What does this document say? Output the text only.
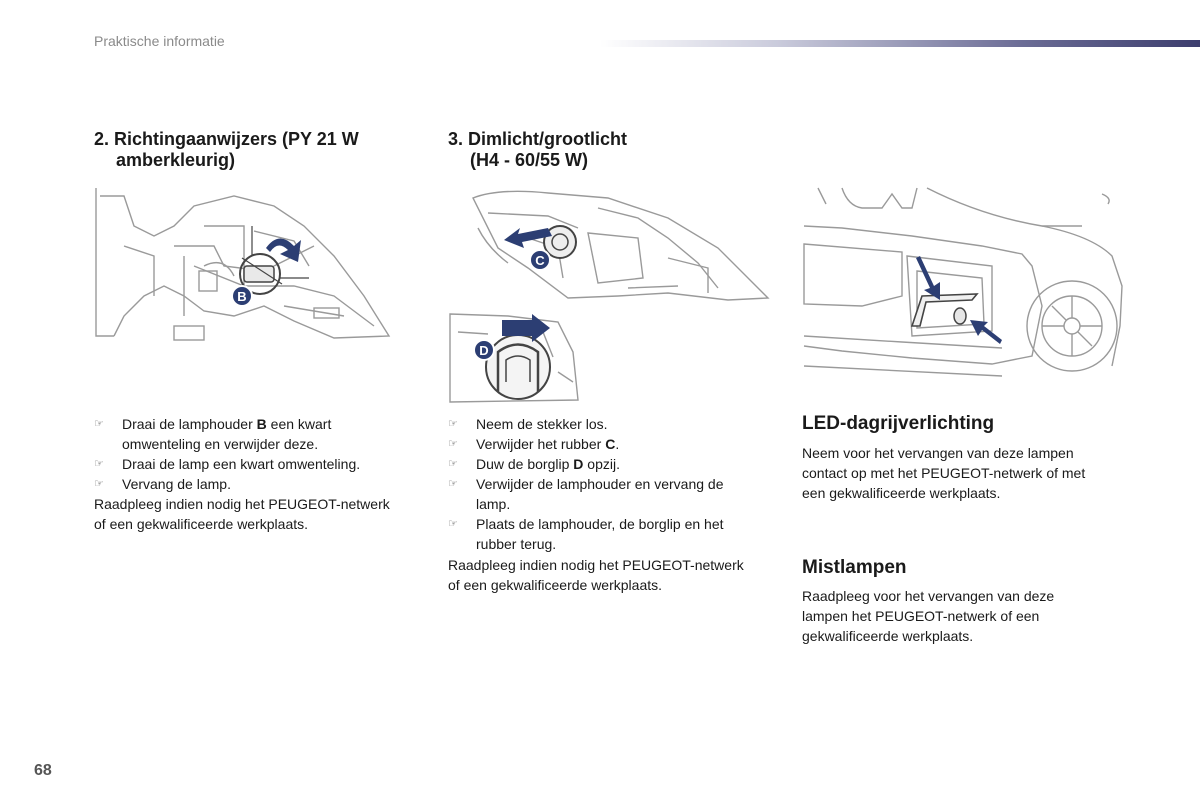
Praktische informatie
2. Richtingaanwijzers (PY 21 W
amberkleurig)
3. Dimlicht/grootlicht
(H4 - 60/55 W)
B
C
D
☞ Draai de lamphouder B een kwart
omwenteling en verwijder deze.
☞ Draai de lamp een kwart omwenteling.
☞ Vervang de lamp.

Raadpleeg indien nodig het PEUGEOT-netwerk
of een gekwalificeerde werkplaats.

☞ Neem de stekker los.
☞ Verwijder het rubber C.
☞ Duw de borglip D opzij.
☞ Verwijder de lamphouder en vervang de
lamp.
☞ Plaats de lamphouder, de borglip en het
rubber terug.

Raadpleeg indien nodig het PEUGEOT-netwerk
of een gekwalificeerde werkplaats.

LED-dagrijverlichting

Neem voor het vervangen van deze lampen
contact op met het PEUGEOT-netwerk of met
een gekwalificeerde werkplaats.

Mistlampen

Raadpleeg voor het vervangen van deze
lampen het PEUGEOT-netwerk of een
gekwalificeerde werkplaats.

68
